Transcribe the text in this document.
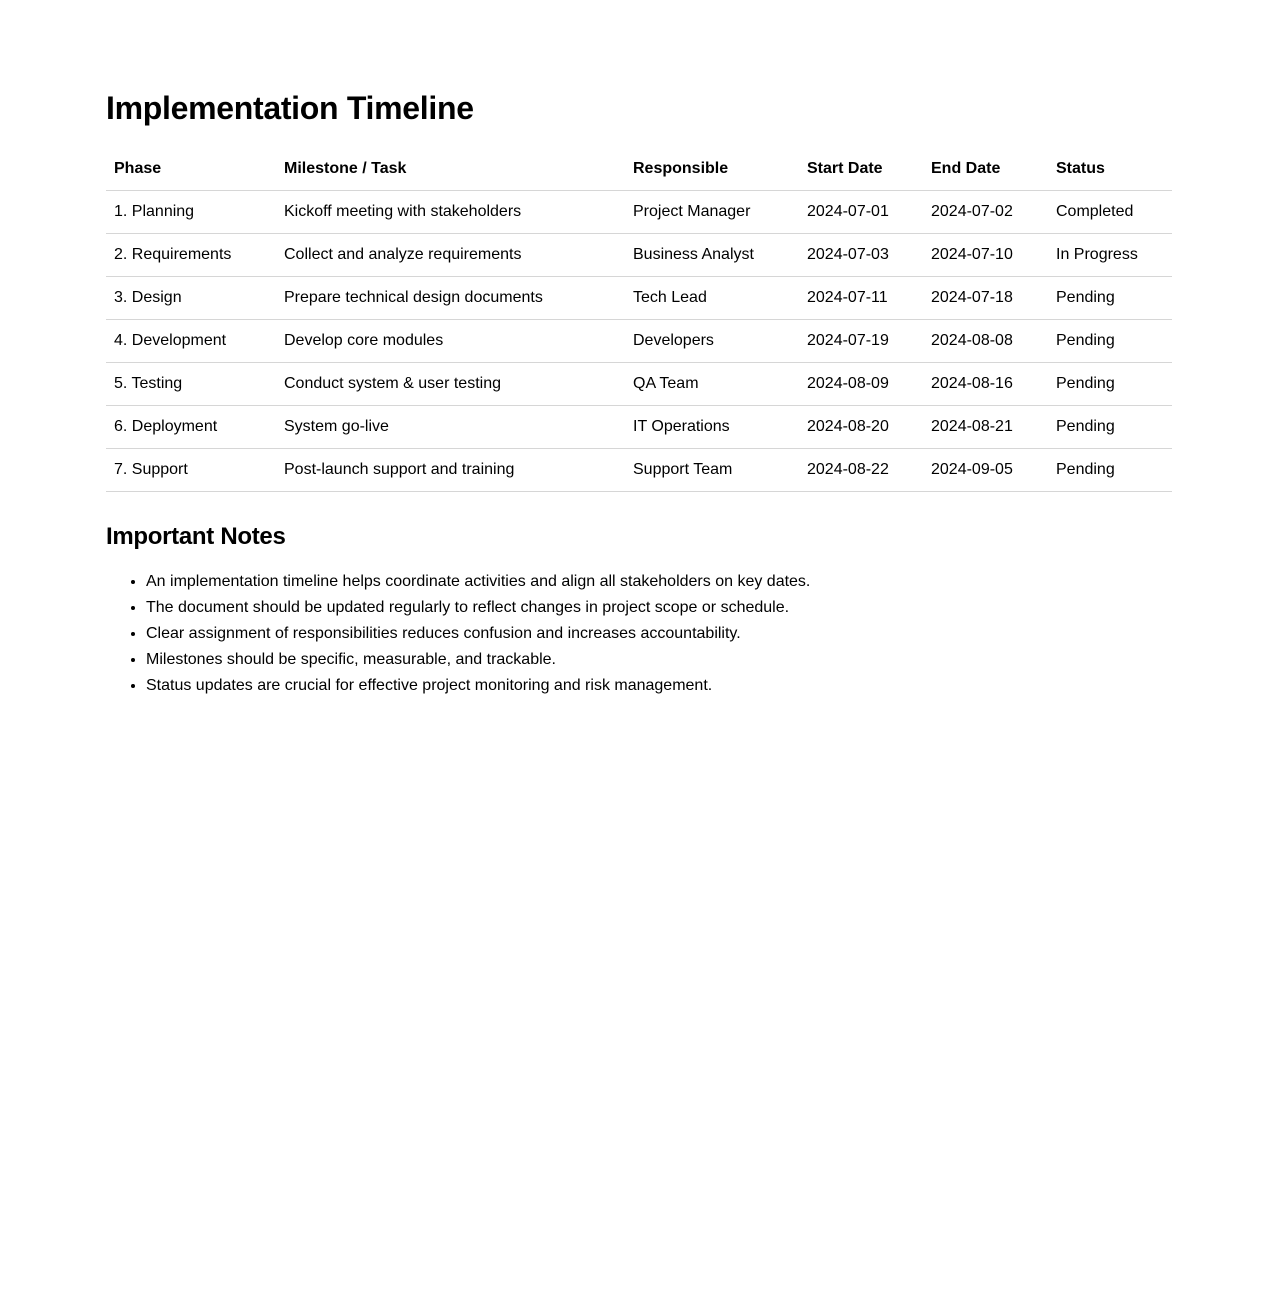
Implementation Timeline
Phase	Milestone / Task	Responsible	Start Date	End Date	Status
1. Planning	Kickoff meeting with stakeholders	Project Manager	2024-07-01	2024-07-02	Completed
2. Requirements	Collect and analyze requirements	Business Analyst	2024-07-03	2024-07-10	In Progress
3. Design	Prepare technical design documents	Tech Lead	2024-07-11	2024-07-18	Pending
4. Development	Develop core modules	Developers	2024-07-19	2024-08-08	Pending
5. Testing	Conduct system & user testing	QA Team	2024-08-09	2024-08-16	Pending
6. Deployment	System go-live	IT Operations	2024-08-20	2024-08-21	Pending
7. Support	Post-launch support and training	Support Team	2024-08-22	2024-09-05	Pending
Important Notes
• An implementation timeline helps coordinate activities and align all stakeholders on key dates.
• The document should be updated regularly to reflect changes in project scope or schedule.
• Clear assignment of responsibilities reduces confusion and increases accountability.
• Milestones should be specific, measurable, and trackable.
• Status updates are crucial for effective project monitoring and risk management.
